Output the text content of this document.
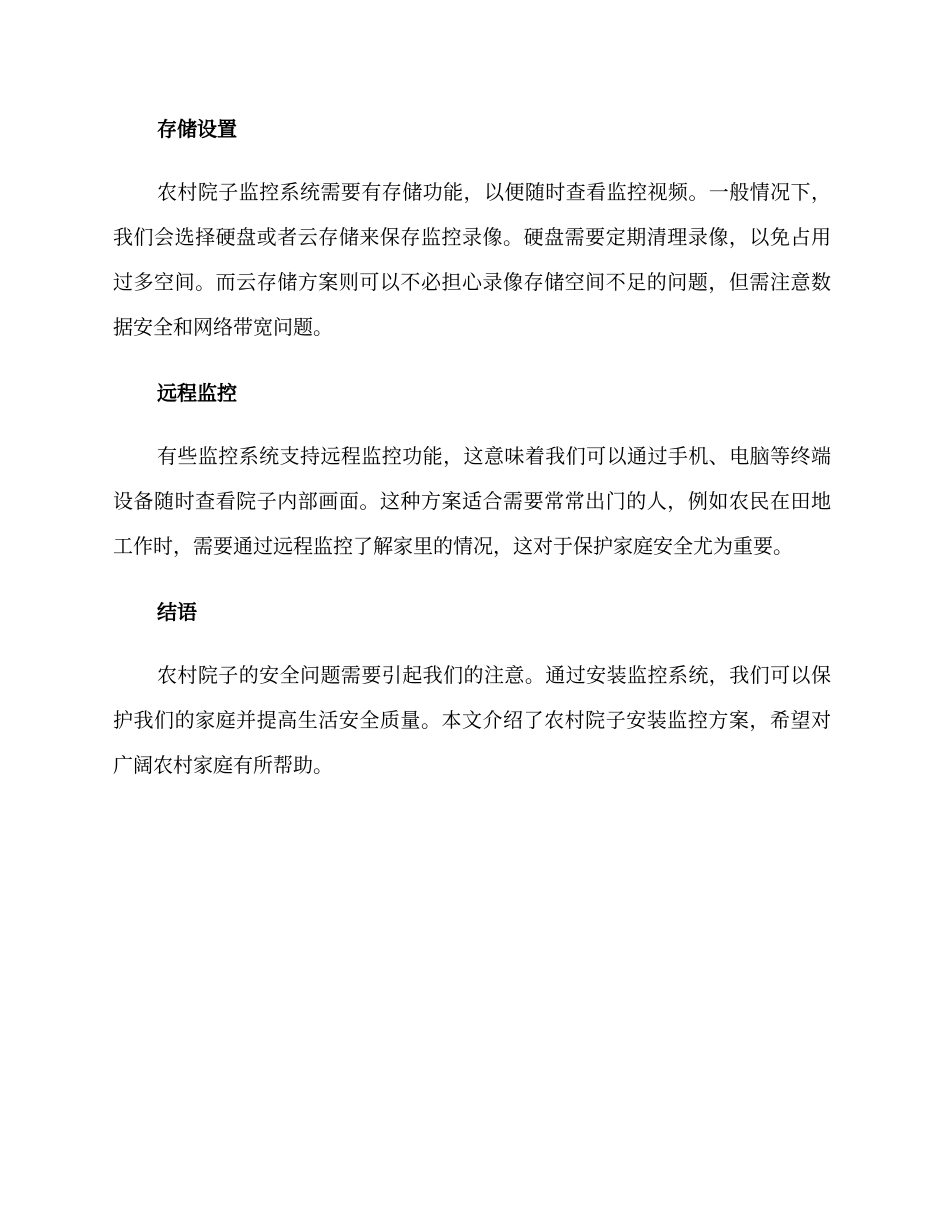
存储设置

农村院子监控系统需要有存储功能，以便随时查看监控视频。一般情况下，我们会选择硬盘或者云存储来保存监控录像。硬盘需要定期清理录像，以免占用过多空间。而云存储方案则可以不必担心录像存储空间不足的问题，但需注意数据安全和网络带宽问题。

远程监控

有些监控系统支持远程监控功能，这意味着我们可以通过手机、电脑等终端设备随时查看院子内部画面。这种方案适合需要常常出门的人，例如农民在田地工作时，需要通过远程监控了解家里的情况，这对于保护家庭安全尤为重要。

结语

农村院子的安全问题需要引起我们的注意。通过安装监控系统，我们可以保护我们的家庭并提高生活安全质量。本文介绍了农村院子安装监控方案，希望对广阔农村家庭有所帮助。
